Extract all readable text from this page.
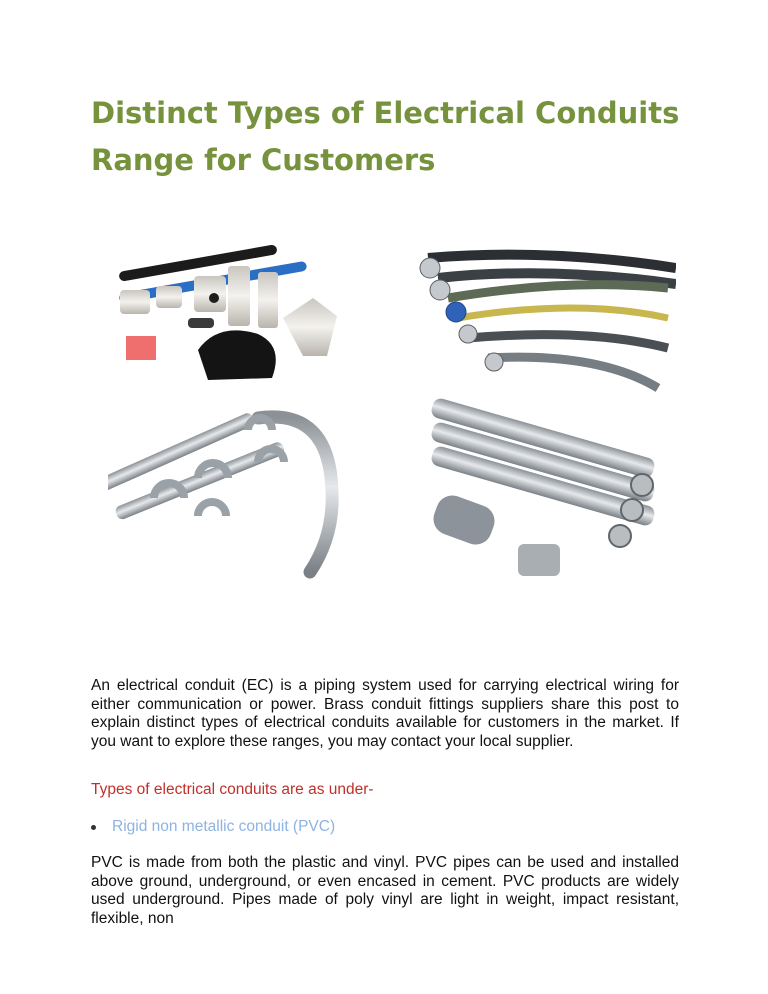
Distinct Types of Electrical Conduits Range for Customers

An electrical conduit (EC) is a piping system used for carrying electrical wiring for either communication or power. Brass conduit fittings suppliers share this post to explain distinct types of electrical conduits available for customers in the market. If you want to explore these ranges, you may contact your local supplier.

Types of electrical conduits are as under-

Rigid non metallic conduit (PVC)

PVC is made from both the plastic and vinyl. PVC pipes can be used and installed above ground, underground, or even encased in cement. PVC products are widely used underground. Pipes made of poly vinyl are light in weight, impact resistant, flexible, non
